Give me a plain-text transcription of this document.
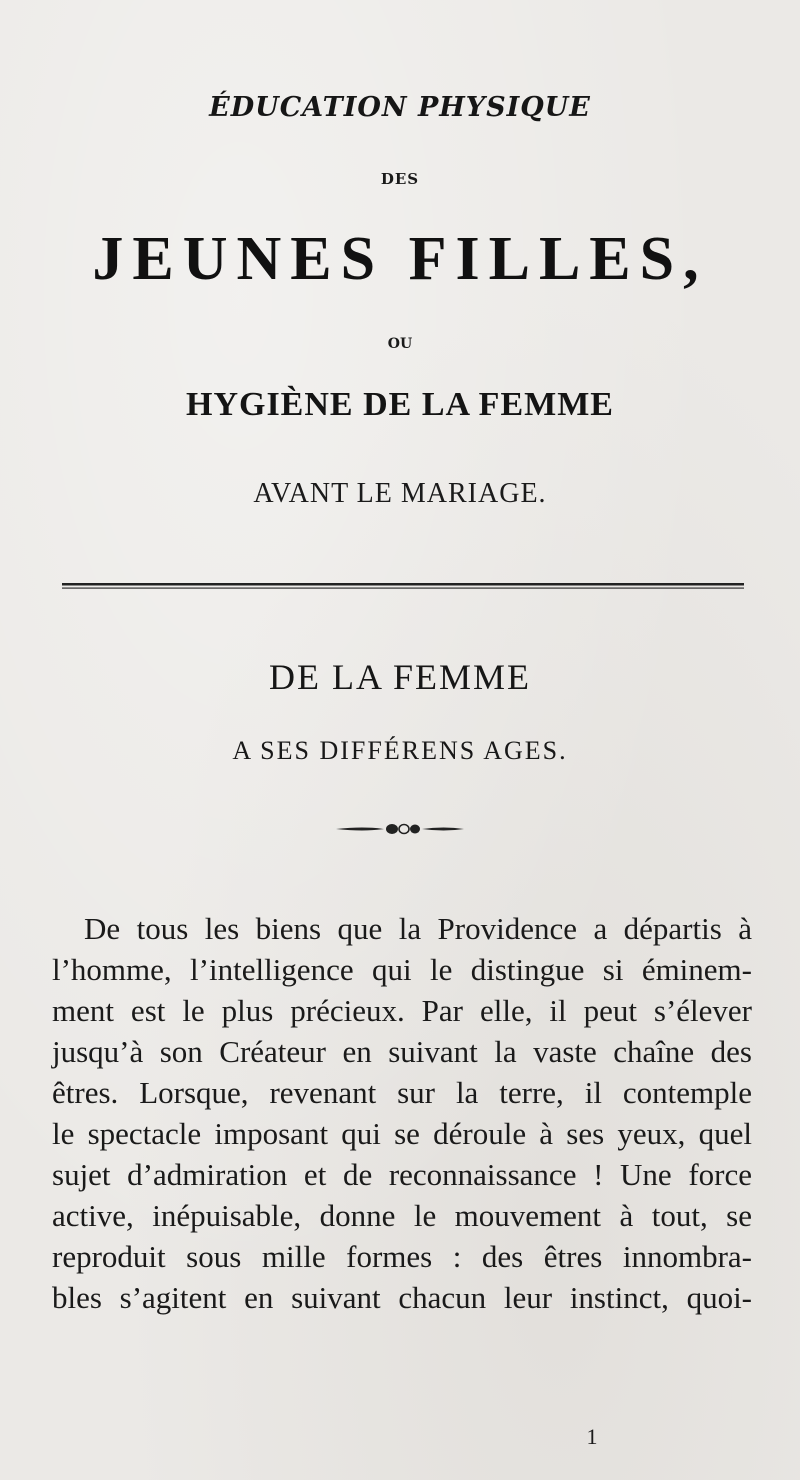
ÉDUCATION PHYSIQUE
DES
JEUNES FILLES,
OU
HYGIÈNE DE LA FEMME
AVANT LE MARIAGE.
DE LA FEMME
A SES DIFFÉRENS AGES.
De tous les biens que la Providence a départis à
l’homme, l’intelligence qui le distingue si éminem-
ment est le plus précieux. Par elle, il peut s’élever
jusqu’à son Créateur en suivant la vaste chaîne des
êtres. Lorsque, revenant sur la terre, il contemple
le spectacle imposant qui se déroule à ses yeux, quel
sujet d’admiration et de reconnaissance ! Une force
active, inépuisable, donne le mouvement à tout, se
reproduit sous mille formes : des êtres innombra-
bles s’agitent en suivant chacun leur instinct, quoi-
1
